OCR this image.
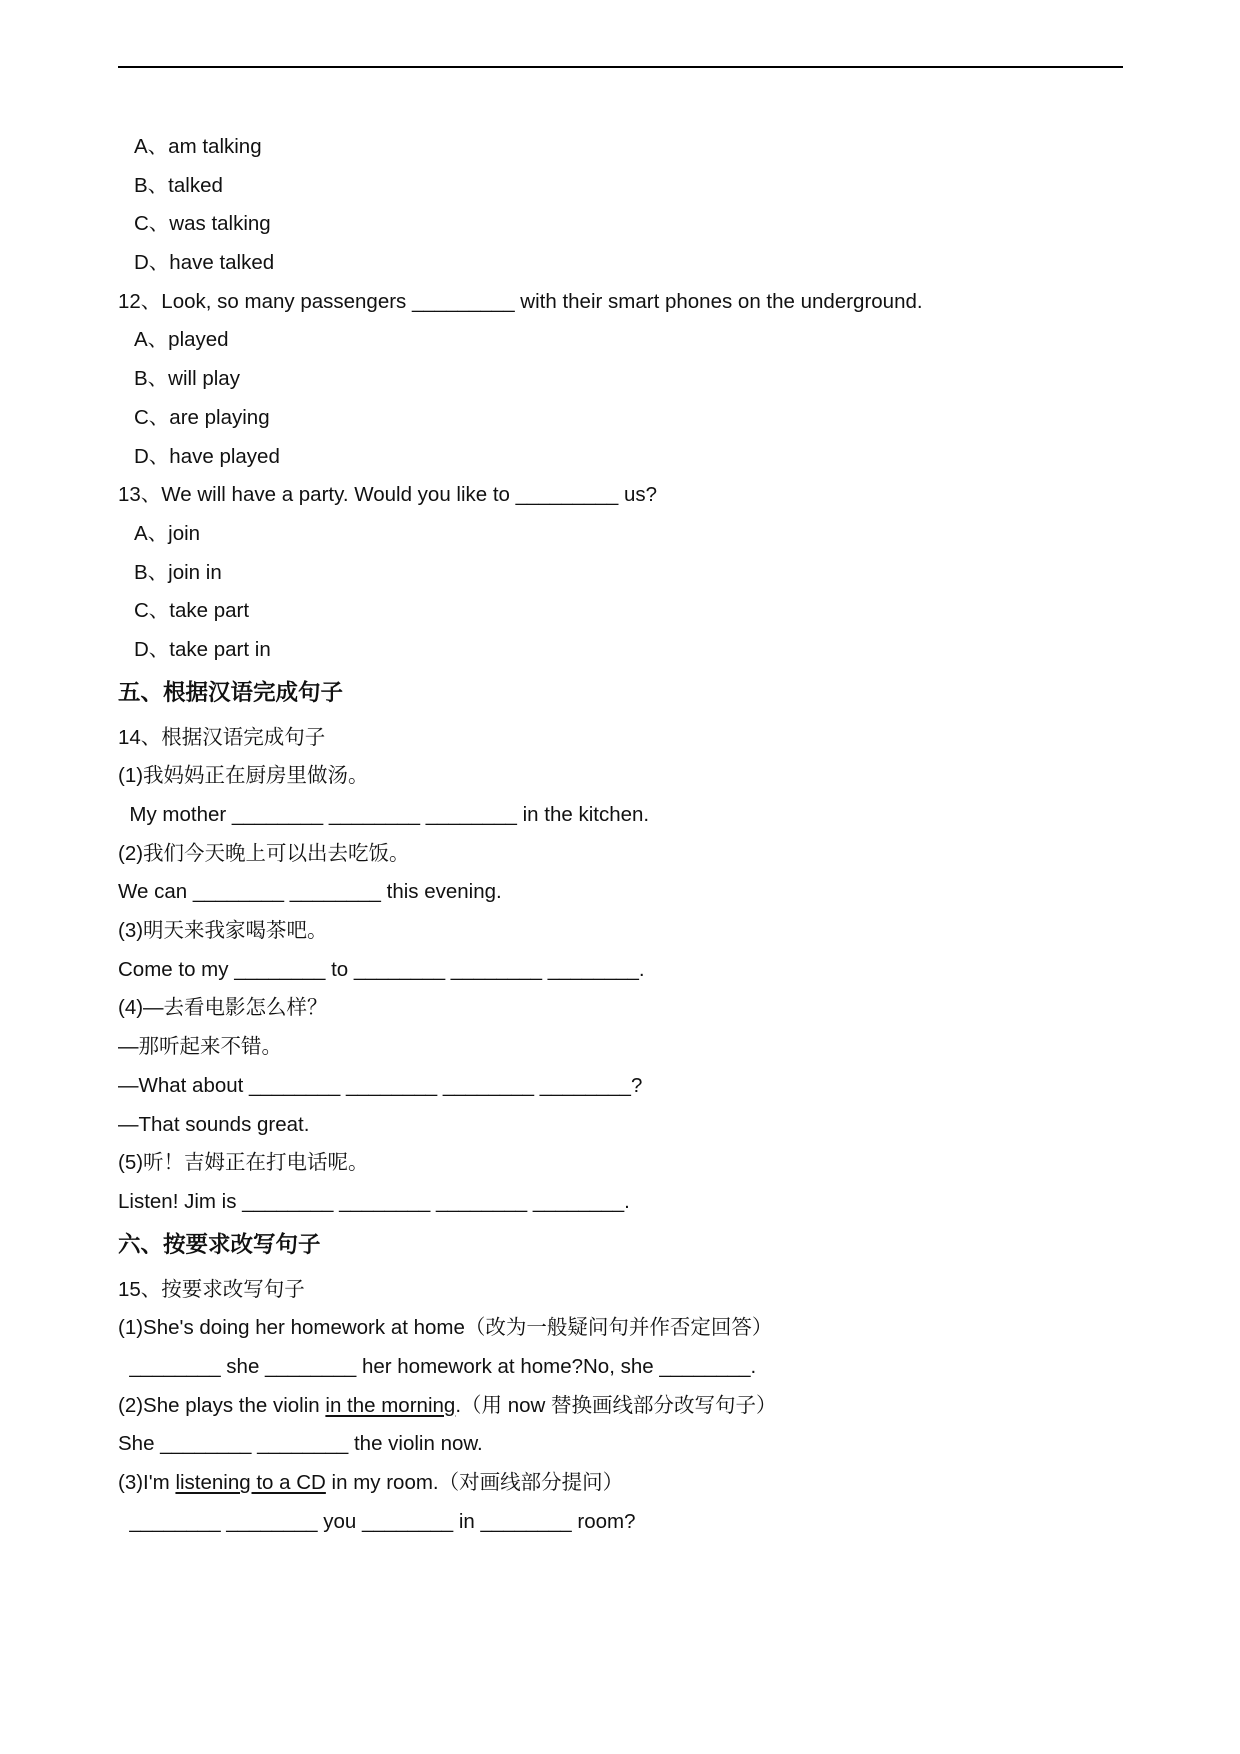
A、am talking
B、talked
C、was talking
D、have talked
12、Look, so many passengers _________ with their smart phones on the underground.
A、played
B、will play
C、are playing
D、have played
13、We will have a party. Would you like to _________ us?
A、join
B、join in
C、take part
D、take part in
五、根据汉语完成句子
14、根据汉语完成句子
(1)我妈妈正在厨房里做汤。
My mother ________ ________ ________ in the kitchen.
(2)我们今天晚上可以出去吃饭。
We can ________ ________ this evening.
(3)明天来我家喝茶吧。
Come to my ________ to ________ ________ ________.
(4)—去看电影怎么样？
—那听起来不错。
—What about ________ ________ ________ ________?
—That sounds great.
(5)听！吉姆正在打电话呢。
Listen! Jim is ________ ________ ________ ________.
六、按要求改写句子
15、按要求改写句子
(1)She's doing her homework at home（改为一般疑问句并作否定回答）
________ she ________ her homework at home?No, she ________.
(2)She plays the violin in the morning.（用 now 替换画线部分改写句子）
She ________ ________ the violin now.
(3)I'm listening to a CD in my room.（对画线部分提问）
________ ________ you ________ in ________ room?
